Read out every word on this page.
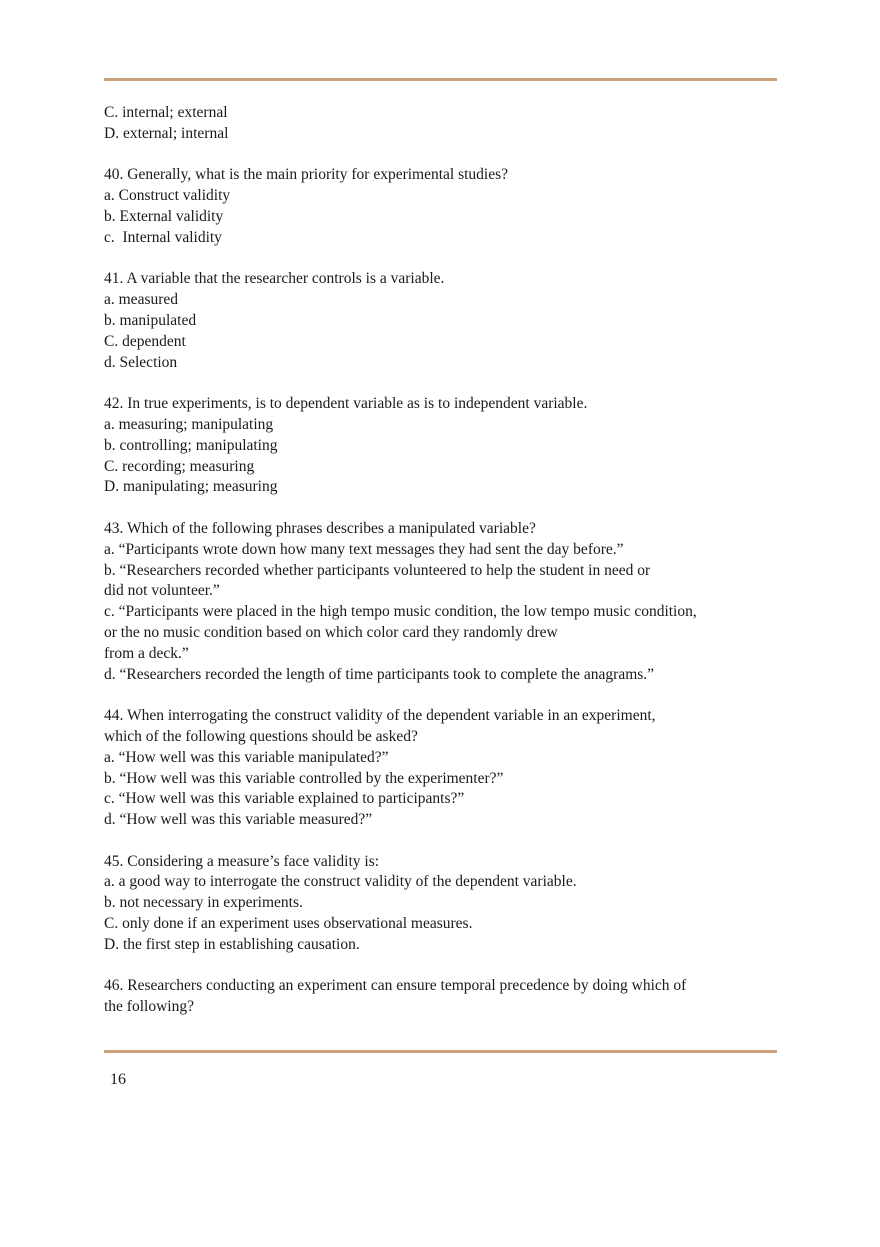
C. internal; external
D. external; internal
40. Generally, what is the main priority for experimental studies?
a. Construct validity
b. External validity
c.  Internal validity
41. A variable that the researcher controls is a variable.
a. measured
b. manipulated
C. dependent
d. Selection
42. In true experiments, is to dependent variable as is to independent variable.
a. measuring; manipulating
b. controlling; manipulating
C. recording; measuring
D. manipulating; measuring
43. Which of the following phrases describes a manipulated variable?
a. “Participants wrote down how many text messages they had sent the day before.”
b. “Researchers recorded whether participants volunteered to help the student in need or
did not volunteer.”
c. “Participants were placed in the high tempo music condition, the low tempo music condition,
or the no music condition based on which color card they randomly drew
from a deck.”
d. “Researchers recorded the length of time participants took to complete the anagrams.”
44. When interrogating the construct validity of the dependent variable in an experiment,
which of the following questions should be asked?
a. “How well was this variable manipulated?”
b. “How well was this variable controlled by the experimenter?”
c. “How well was this variable explained to participants?”
d. “How well was this variable measured?”
45. Considering a measure’s face validity is:
a. a good way to interrogate the construct validity of the dependent variable.
b. not necessary in experiments.
C. only done if an experiment uses observational measures.
D. the first step in establishing causation.
46. Researchers conducting an experiment can ensure temporal precedence by doing which of
the following?
16
